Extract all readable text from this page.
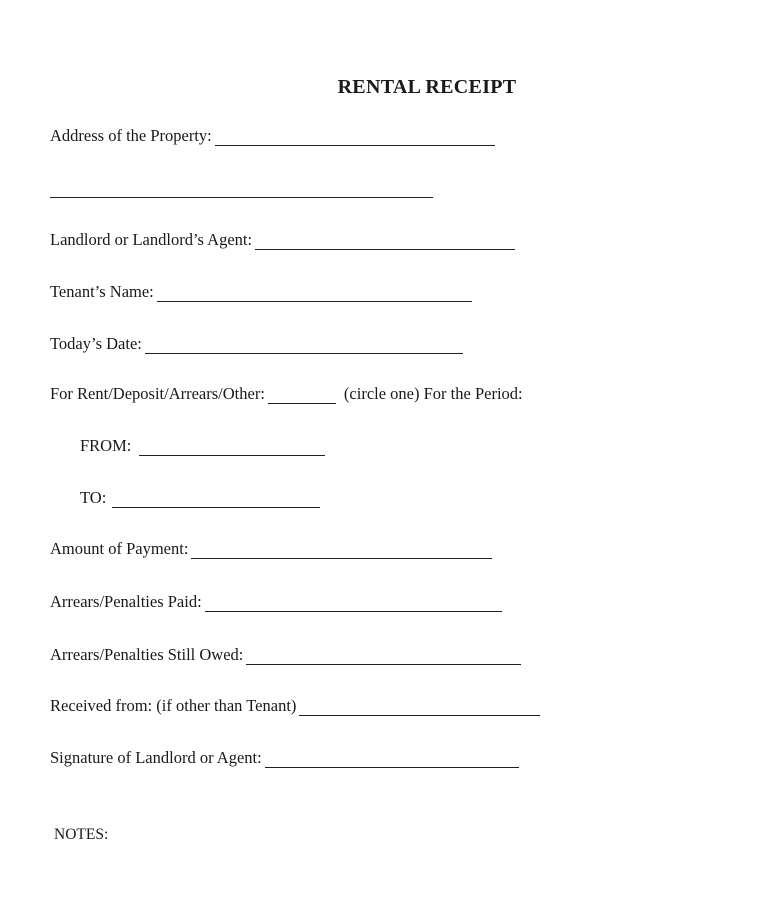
RENTAL RECEIPT
Address of the Property:
Landlord or Landlord’s Agent:
Tenant’s Name:
Today’s Date:
For Rent/Deposit/Arrears/Other:	(circle one) For the Period:
FROM:
TO:
Amount of Payment:
Arrears/Penalties Paid:
Arrears/Penalties Still Owed:
Received from: (if other than Tenant)
Signature of Landlord or Agent:
NOTES:
